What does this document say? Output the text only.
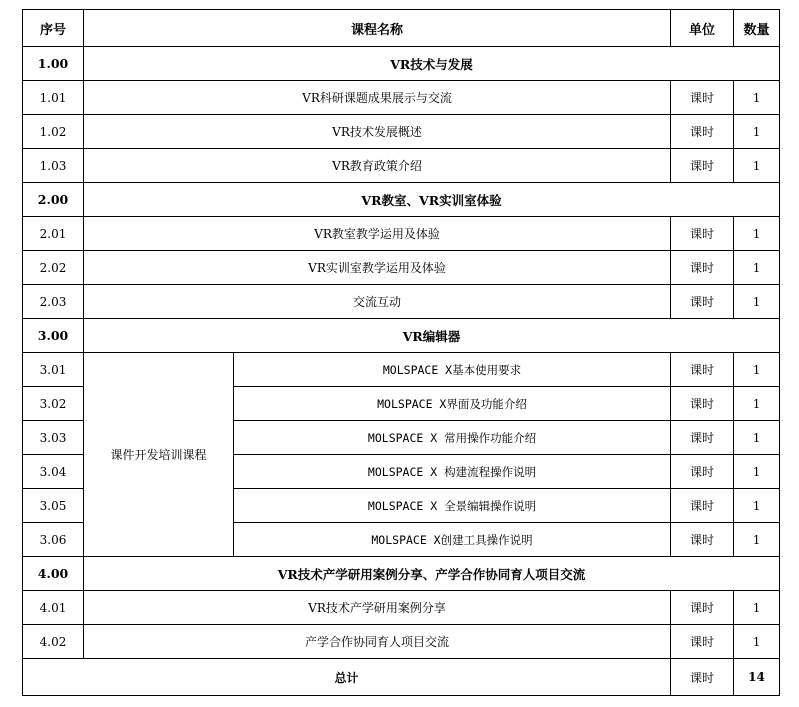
序号	课程名称		单位	数量
1.00	VR技术与发展			
1.01	VR科研课题成果展示与交流		课时	1
1.02	VR技术发展概述		课时	1
1.03	VR教育政策介绍		课时	1
2.00	VR教室、VR实训室体验			
2.01	VR教室教学运用及体验		课时	1
2.02	VR实训室教学运用及体验		课时	1
2.03	交流互动		课时	1
3.00	VR编辑器			
3.01	课件开发培训课程	MOLSPACE X基本使用要求	课时	1
3.02		MOLSPACE X界面及功能介绍	课时	1
3.03		MOLSPACE X 常用操作功能介绍	课时	1
3.04		MOLSPACE X 构建流程操作说明	课时	1
3.05		MOLSPACE X 全景编辑操作说明	课时	1
3.06		MOLSPACE X创建工具操作说明	课时	1
4.00	VR技术产学研用案例分享、产学合作协同育人项目交流			
4.01	VR技术产学研用案例分享		课时	1
4.02	产学合作协同育人项目交流		课时	1
总计			课时	14
